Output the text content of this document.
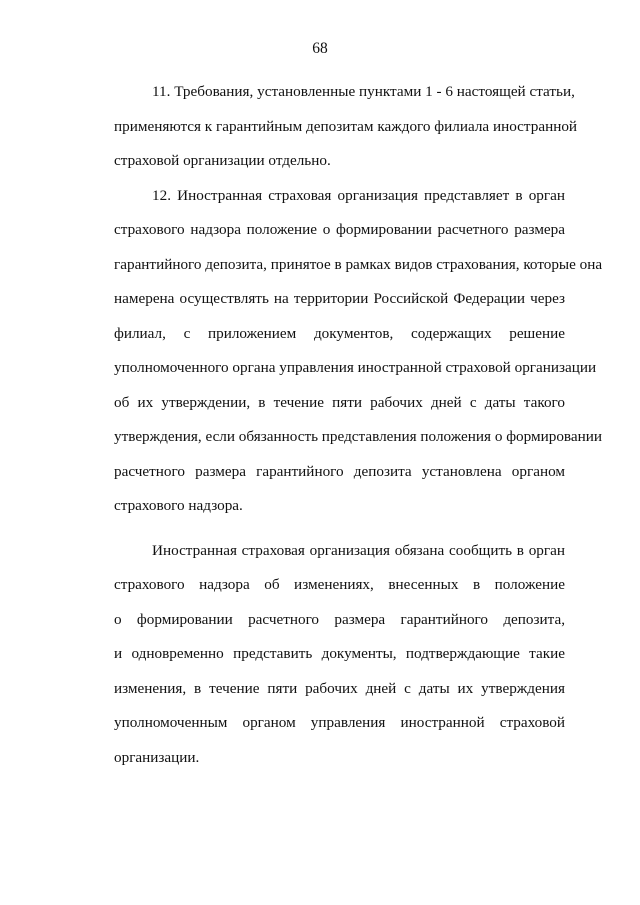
68
11. Требования, установленные пунктами 1 - 6 настоящей статьи,
применяются к гарантийным депозитам каждого филиала иностранной
страховой организации отдельно.
12. Иностранная страховая организация представляет в орган
страхового надзора положение о формировании расчетного размера
гарантийного депозита, принятое в рамках видов страхования, которые она
намерена осуществлять на территории Российской Федерации через
филиал, с приложением документов, содержащих решение
уполномоченного органа управления иностранной страховой организации
об их утверждении, в течение пяти рабочих дней с даты такого
утверждения, если обязанность представления положения о формировании
расчетного размера гарантийного депозита установлена органом
страхового надзора.
Иностранная страховая организация обязана сообщить в орган
страхового надзора об изменениях, внесенных в положение
о формировании расчетного размера гарантийного депозита,
и одновременно представить документы, подтверждающие такие
изменения, в течение пяти рабочих дней с даты их утверждения
уполномоченным органом управления иностранной страховой
организации.
